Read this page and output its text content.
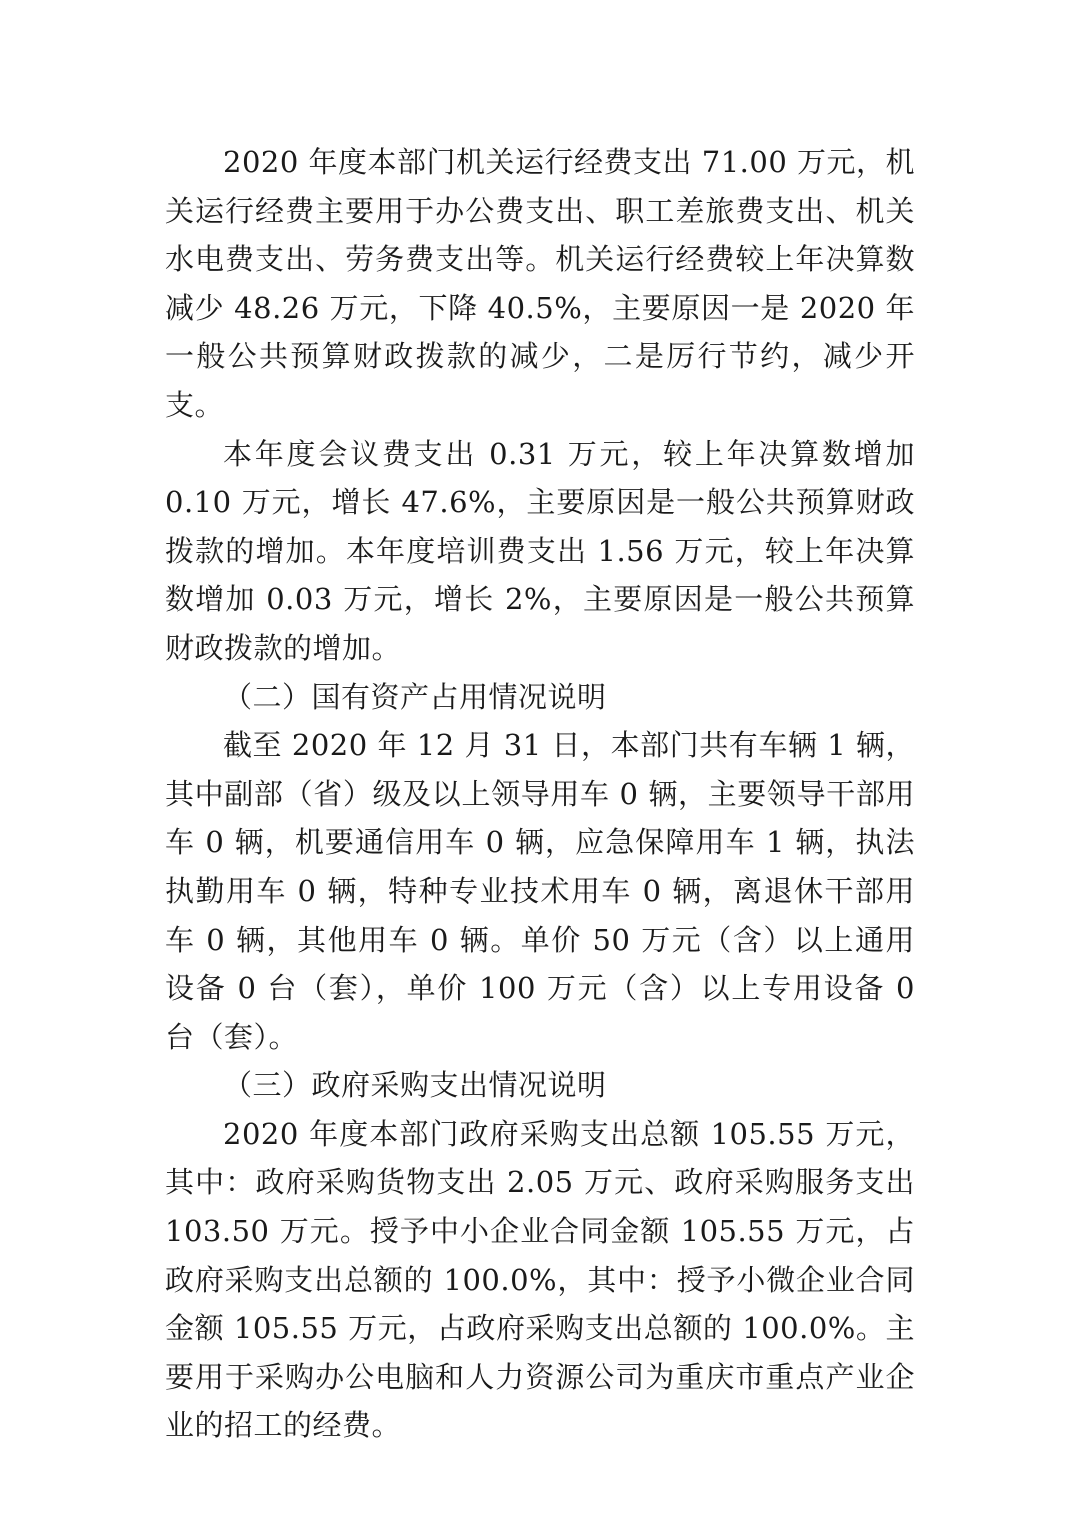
2020 年度本部门机关运行经费支出 71.00 万元，机关运行经费主要用于办公费支出、职工差旅费支出、机关水电费支出、劳务费支出等。机关运行经费较上年决算数减少 48.26 万元，下降 40.5%，主要原因一是 2020 年一般公共预算财政拨款的减少，二是厉行节约，减少开支。

本年度会议费支出 0.31 万元，较上年决算数增加 0.10 万元，增长 47.6%，主要原因是一般公共预算财政拨款的增加。本年度培训费支出 1.56 万元，较上年决算数增加 0.03 万元，增长 2%，主要原因是一般公共预算财政拨款的增加。

（二）国有资产占用情况说明

截至 2020 年 12 月 31 日，本部门共有车辆 1 辆，其中副部（省）级及以上领导用车 0 辆，主要领导干部用车 0 辆，机要通信用车 0 辆，应急保障用车 1 辆，执法执勤用车 0 辆，特种专业技术用车 0 辆，离退休干部用车 0 辆，其他用车 0 辆。单价 50 万元（含）以上通用设备 0 台（套），单价 100 万元（含）以上专用设备 0 台（套）。

（三）政府采购支出情况说明

2020 年度本部门政府采购支出总额 105.55 万元，其中：政府采购货物支出 2.05 万元、政府采购服务支出 103.50 万元。授予中小企业合同金额 105.55 万元，占政府采购支出总额的 100.0%，其中：授予小微企业合同金额 105.55 万元，占政府采购支出总额的 100.0%。主要用于采购办公电脑和人力资源公司为重庆市重点产业企业的招工的经费。
